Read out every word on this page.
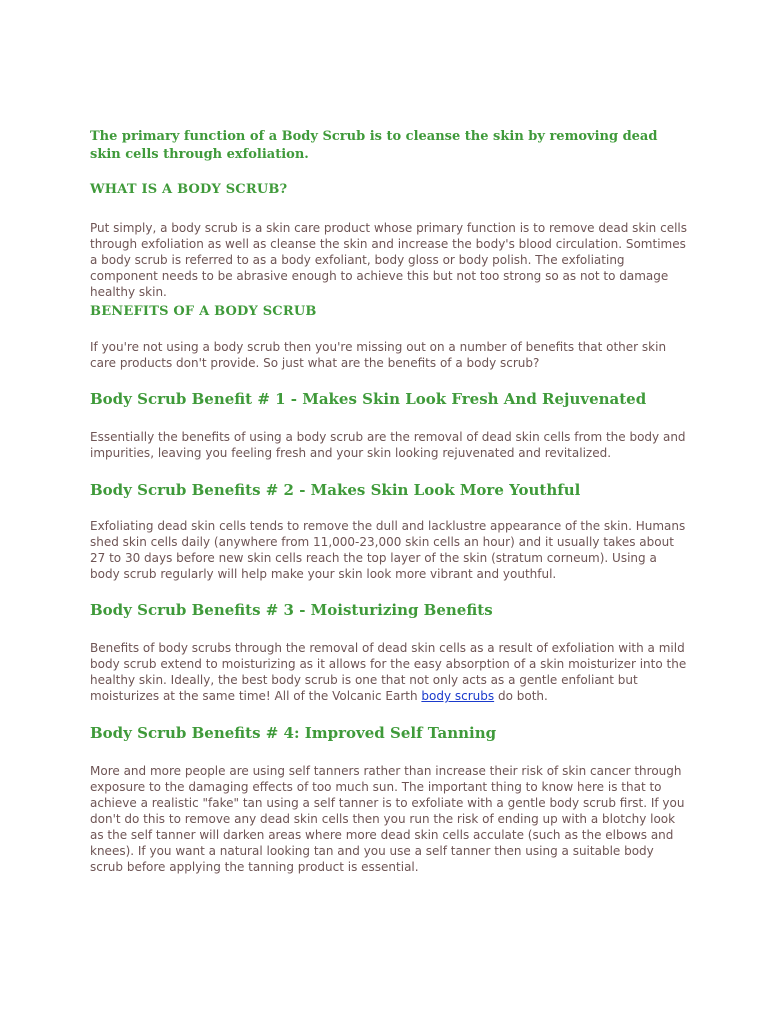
The primary function of a Body Scrub is to cleanse the skin by removing dead skin cells through exfoliation.

WHAT IS A BODY SCRUB?

Put simply, a body scrub is a skin care product whose primary function is to remove dead skin cells through exfoliation as well as cleanse the skin and increase the body's blood circulation. Somtimes a body scrub is referred to as a body exfoliant, body gloss or body polish. The exfoliating component needs to be abrasive enough to achieve this but not too strong so as not to damage healthy skin.

BENEFITS OF A BODY SCRUB

If you're not using a body scrub then you're missing out on a number of benefits that other skin care products don't provide. So just what are the benefits of a body scrub?

Body Scrub Benefit # 1 - Makes Skin Look Fresh And Rejuvenated

Essentially the benefits of using a body scrub are the removal of dead skin cells from the body and impurities, leaving you feeling fresh and your skin looking rejuvenated and revitalized.

Body Scrub Benefits # 2 - Makes Skin Look More Youthful

Exfoliating dead skin cells tends to remove the dull and lacklustre appearance of the skin. Humans shed skin cells daily (anywhere from 11,000-23,000 skin cells an hour) and it usually takes about 27 to 30 days before new skin cells reach the top layer of the skin (stratum corneum). Using a body scrub regularly will help make your skin look more vibrant and youthful.

Body Scrub Benefits # 3 - Moisturizing Benefits

Benefits of body scrubs through the removal of dead skin cells as a result of exfoliation with a mild body scrub extend to moisturizing as it allows for the easy absorption of a skin moisturizer into the healthy skin. Ideally, the best body scrub is one that not only acts as a gentle enfoliant but moisturizes at the same time! All of the Volcanic Earth body scrubs do both.

Body Scrub Benefits # 4: Improved Self Tanning

More and more people are using self tanners rather than increase their risk of skin cancer through exposure to the damaging effects of too much sun. The important thing to know here is that to achieve a realistic "fake" tan using a self tanner is to exfoliate with a gentle body scrub first. If you don't do this to remove any dead skin cells then you run the risk of ending up with a blotchy look as the self tanner will darken areas where more dead skin cells acculate (such as the elbows and knees). If you want a natural looking tan and you use a self tanner then using a suitable body scrub before applying the tanning product is essential.
